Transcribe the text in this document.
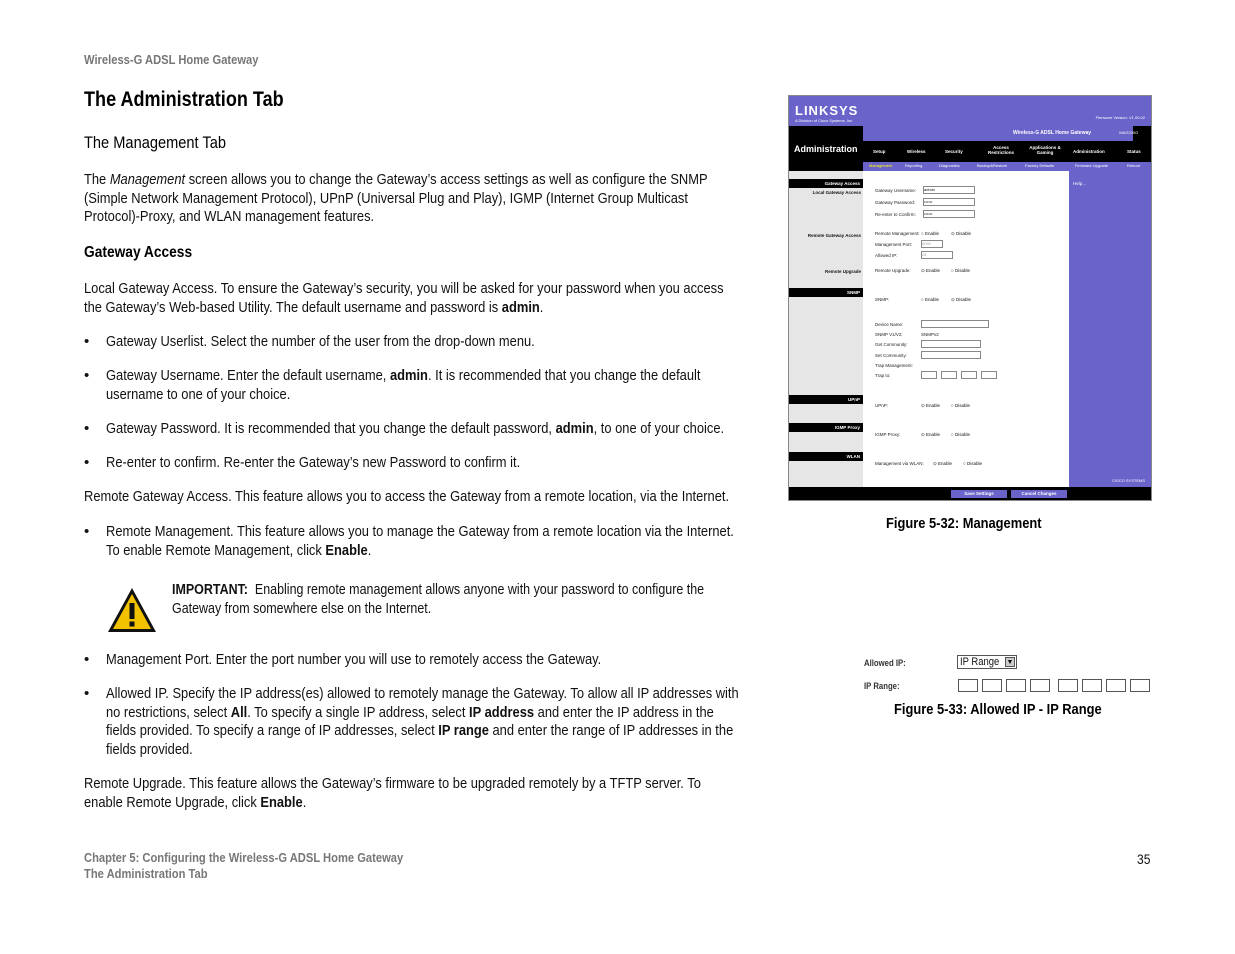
Wireless-G ADSL Home Gateway
The Administration Tab
The Management Tab
The Management screen allows you to change the Gateway’s access settings as well as configure the SNMP
(Simple Network Management Protocol), UPnP (Universal Plug and Play), IGMP (Internet Group Multicast
Protocol)-Proxy, and WLAN management features.
Gateway Access
Local Gateway Access. To ensure the Gateway’s security, you will be asked for your password when you access
the Gateway’s Web-based Utility. The default username and password is admin.
• Gateway Userlist. Select the number of the user from the drop-down menu.
• Gateway Username. Enter the default username, admin. It is recommended that you change the default
username to one of your choice.
• Gateway Password. It is recommended that you change the default password, admin, to one of your choice.
• Re-enter to confirm. Re-enter the Gateway’s new Password to confirm it.
Remote Gateway Access. This feature allows you to access the Gateway from a remote location, via the Internet.
• Remote Management. This feature allows you to manage the Gateway from a remote location via the Internet.
To enable Remote Management, click Enable.
IMPORTANT: Enabling remote management allows anyone with your password to configure the
Gateway from somewhere else on the Internet.
• Management Port. Enter the port number you will use to remotely access the Gateway.
• Allowed IP. Specify the IP address(es) allowed to remotely manage the Gateway. To allow all IP addresses with
no restrictions, select All. To specify a single IP address, select IP address and enter the IP address in the
fields provided. To specify a range of IP addresses, select IP range and enter the range of IP addresses in the
fields provided.
Remote Upgrade. This feature allows the Gateway’s firmware to be upgraded remotely by a TFTP server. To
enable Remote Upgrade, click Enable.
Chapter 5: Configuring the Wireless-G ADSL Home Gateway
The Administration Tab
35
LINKSYS
A Division of Cisco Systems, Inc.
Firmware Version: V1.00.02
Wireless-G ADSL Home Gateway	WAG200G
Administration	Setup	Wireless	Security
Access Restrictions
Applications & Gaming	Administration	Status
Management	Reporting	Diagnostics	Backup&Restore	Factory Defaults	Firmware Upgrade	Reboot
Gateway Access
Local Gateway Access
Remote Gateway Access
Remote Upgrade
SNMP
UPnP
IGMP Proxy
WLAN
Gateway Username: admin
Gateway Password: ••••••
Re-enter to Confirm: ••••••
Remote Management: ○ Enable	⊙ Disable
Management Port: 8080
Allowed IP:	All
Remote Upgrade: ⊙ Enable ○ Disable
SNMP:	○ Enable	⊙ Disable
Device Name:
SNMP V1/V2:	SNMPv2
Get Community:
Set Community:
Trap Management:
Trap to:
UPnP:	⊙ Enable ○ Disable
IGMP Proxy:	⊙ Enable ○ Disable
Management via WLAN: ⊙ Enable ○ Disable
Help...
Save Settings	Cancel Changes
CISCO SYSTEMS
Figure 5-32: Management
Allowed IP:	IP Range ▼
IP Range:
Figure 5-33: Allowed IP - IP Range
